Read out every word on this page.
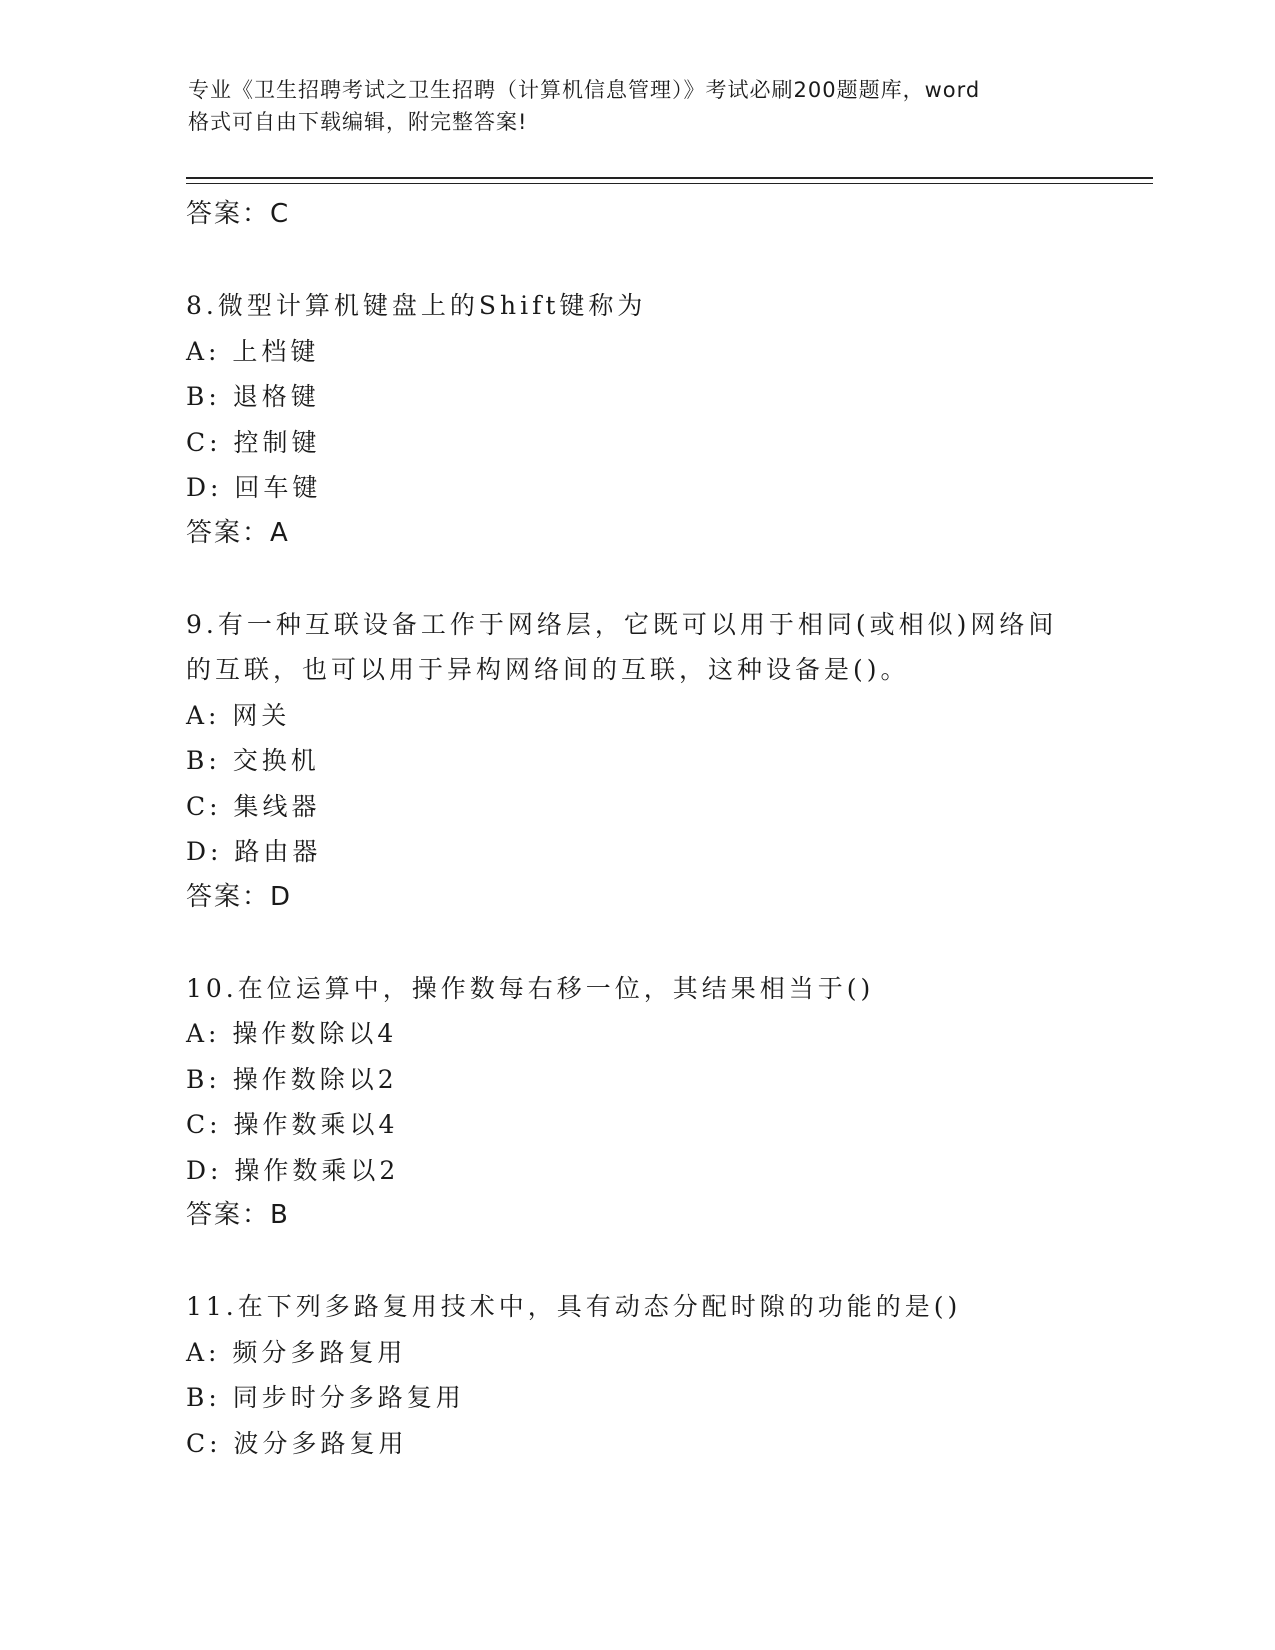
专业《卫生招聘考试之卫生招聘（计算机信息管理）》考试必刷200题题库，word
格式可自由下载编辑，附完整答案!
答案：C
8.微型计算机键盘上的Shift键称为
A: 上档键
B: 退格键
C: 控制键
D: 回车键
答案：A
9.有一种互联设备工作于网络层，它既可以用于相同(或相似)网络间
的互联，也可以用于异构网络间的互联，这种设备是()。
A: 网关
B: 交换机
C: 集线器
D: 路由器
答案：D
10.在位运算中，操作数每右移一位，其结果相当于()
A: 操作数除以4
B: 操作数除以2
C: 操作数乘以4
D: 操作数乘以2
答案：B
11.在下列多路复用技术中，具有动态分配时隙的功能的是()
A: 频分多路复用
B: 同步时分多路复用
C: 波分多路复用
